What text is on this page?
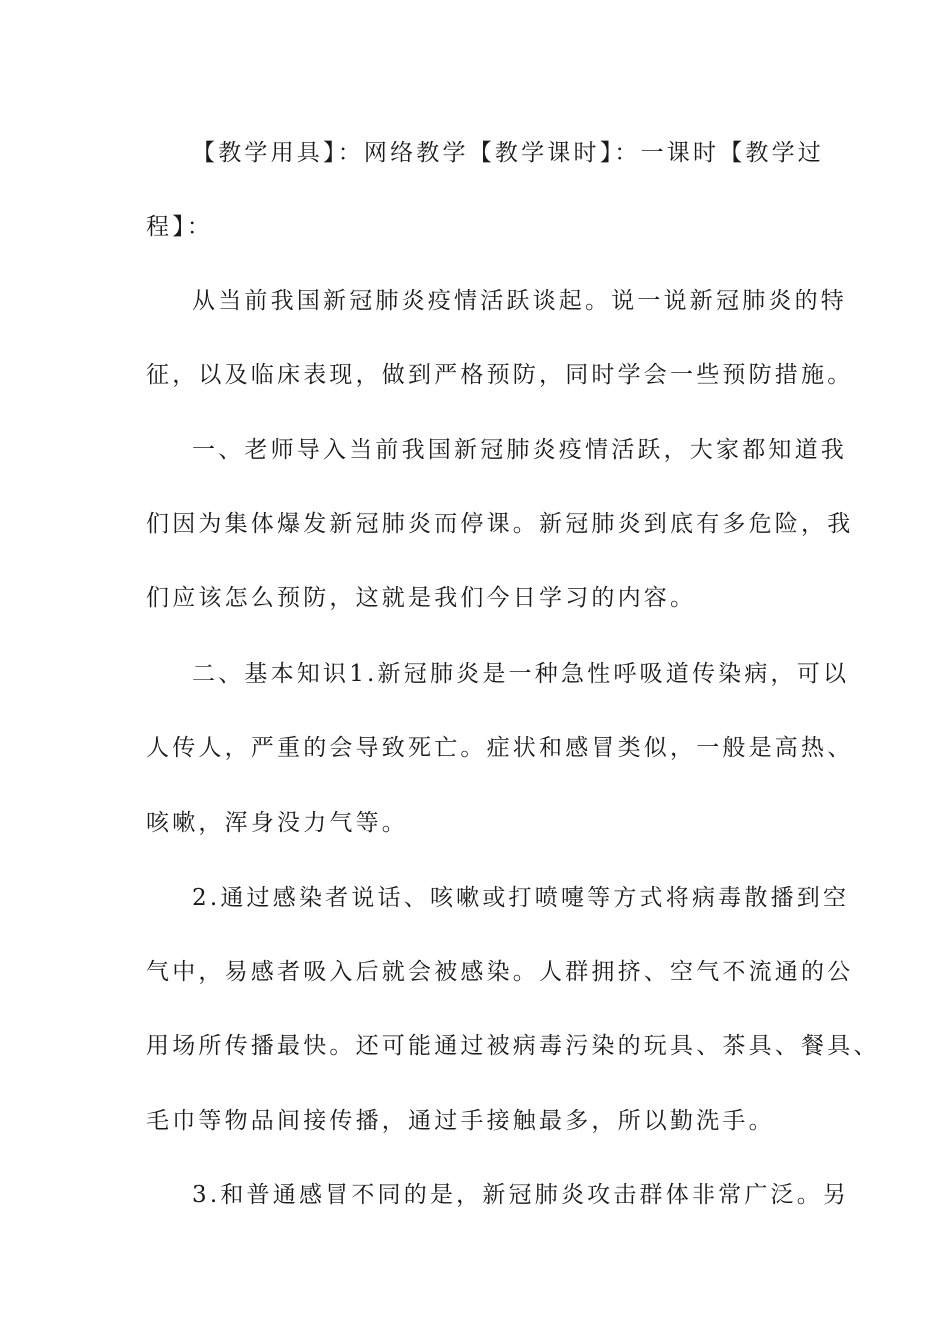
【教学用具】：网络教学【教学课时】：一课时【教学过
程】：
从当前我国新冠肺炎疫情活跃谈起。说一说新冠肺炎的特
征，以及临床表现，做到严格预防，同时学会一些预防措施。
一、老师导入当前我国新冠肺炎疫情活跃，大家都知道我
们因为集体爆发新冠肺炎而停课。新冠肺炎到底有多危险，我
们应该怎么预防，这就是我们今日学习的内容。
二、基本知识1.新冠肺炎是一种急性呼吸道传染病，可以
人传人，严重的会导致死亡。症状和感冒类似，一般是高热、
咳嗽，浑身没力气等。
2.通过感染者说话、咳嗽或打喷嚏等方式将病毒散播到空
气中，易感者吸入后就会被感染。人群拥挤、空气不流通的公
用场所传播最快。还可能通过被病毒污染的玩具、茶具、餐具、
毛巾等物品间接传播，通过手接触最多，所以勤洗手。
3.和普通感冒不同的是，新冠肺炎攻击群体非常广泛。另
